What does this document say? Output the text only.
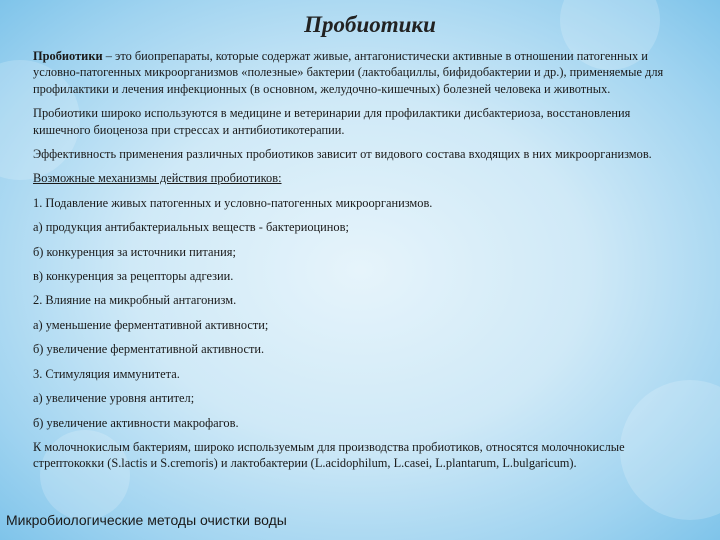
Пробиотики

Пробиотики – это биопрепараты, которые содержат живые, антагонистически активные в отношении патогенных и условно-патогенных микроорганизмов «полезные» бактерии (лактобациллы, бифидобактерии и др.), применяемые для профилактики и лечения инфекционных (в основном, желудочно-кишечных) болезней человека и животных.

Пробиотики широко используются в медицине и ветеринарии для профилактики дисбактериоза, восстановления кишечного биоценоза при стрессах и антибиотикотерапии.

Эффективность применения различных пробиотиков зависит от видового состава входящих в них микроорганизмов.

Возможные механизмы действия пробиотиков:

1. Подавление живых патогенных и условно-патогенных микроорганизмов.

а) продукция антибактериальных веществ - бактериоцинов;

б) конкуренция за источники питания;

в) конкуренция за рецепторы адгезии.

2. Влияние на микробный антагонизм.

а) уменьшение ферментативной активности;

б) увеличение ферментативной активности.

3. Стимуляция иммунитета.

а) увеличение уровня антител;

б) увеличение активности макрофагов.

К молочнокислым бактериям, широко используемым для производства пробиотиков, относятся молочнокислые стрептококки (S.lactis и S.cremoris) и лактобактерии (L.acidophilum, L.casei, L.plantarum, L.bulgaricum).

Микробиологические методы очистки воды
